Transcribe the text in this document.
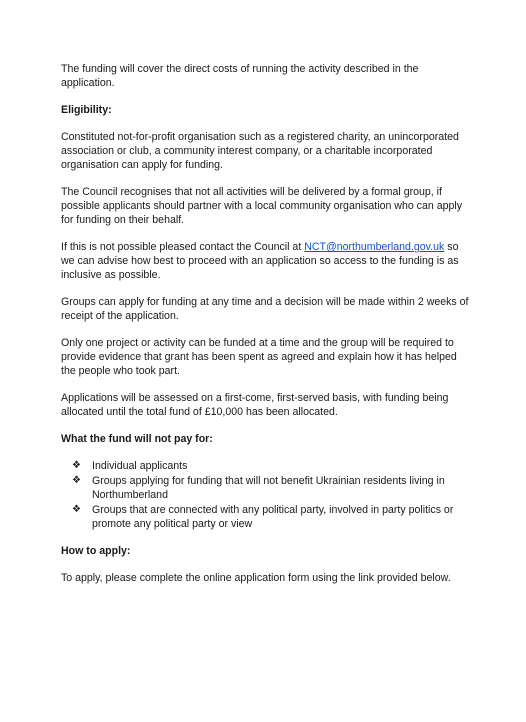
The funding will cover the direct costs of running the activity described in the application.

Eligibility:

Constituted not-for-profit organisation such as a registered charity, an unincorporated association or club, a community interest company, or a charitable incorporated organisation can apply for funding.

The Council recognises that not all activities will be delivered by a formal group, if possible applicants should partner with a local community organisation who can apply for funding on their behalf.

If this is not possible pleased contact the Council at NCT@northumberland.gov.uk so we can advise how best to proceed with an application so access to the funding is as inclusive as possible.

Groups can apply for funding at any time and a decision will be made within 2 weeks of receipt of the application.

Only one project or activity can be funded at a time and the group will be required to provide evidence that grant has been spent as agreed and explain how it has helped the people who took part.

Applications will be assessed on a first-come, first-served basis, with funding being allocated until the total fund of £10,000 has been allocated.

What the fund will not pay for:
❖ Individual applicants
❖ Groups applying for funding that will not benefit Ukrainian residents living in Northumberland
❖ Groups that are connected with any political party, involved in party politics or promote any political party or view
How to apply:

To apply, please complete the online application form using the link provided below.
